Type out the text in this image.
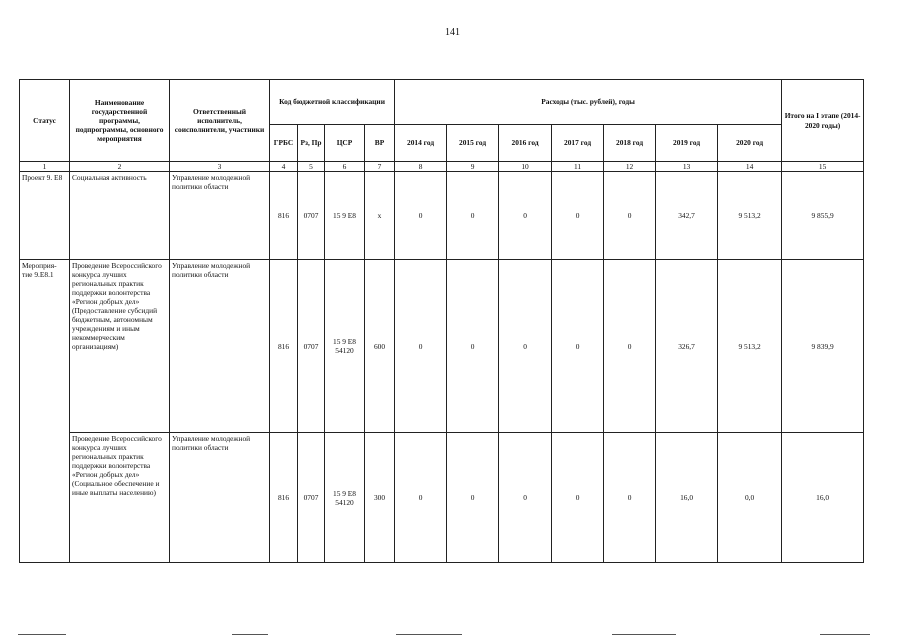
141
Статус	Наименование государственной программы, подпрограммы, основного мероприятия	Ответственный исполнитель, соисполнители, участники	Код бюджетной классификации				Расходы (тыс. рублей), годы							Итого на I этапе (2014-2020 годы)
			ГРБС	Рз, Пр	ЦСР	ВР	2014 год	2015 год	2016 год	2017 год	2018 год	2019 год	2020 год	
1	2	3	4	5	6	7	8	9	10	11	12	13	14	15
Проект 9. Е8	Социальная активность	Управление молодежной политики области	816	0707	15 9 Е8	х	0	0	0	0	0	342,7	9 513,2	9 855,9
Мероприя-тие 9.Е8.1	Проведение Всероссийского конкурса лучших региональных практик поддержки волонтерства «Регион добрых дел» (Предоставление субсидий бюджетным, автономным учреждениям и иным некоммерческим организациям)	Управление молодежной политики области	816	0707	15 9 Е8 54120	600	0	0	0	0	0	326,7	9 513,2	9 839,9
	Проведение Всероссийского конкурса лучших региональных практик поддержки волонтерства «Регион добрых дел» (Социальное обеспечение и иные выплаты населению)	Управление молодежной политики области	816	0707	15 9 Е8 54120	300	0	0	0	0	0	16,0	0,0	16,0
